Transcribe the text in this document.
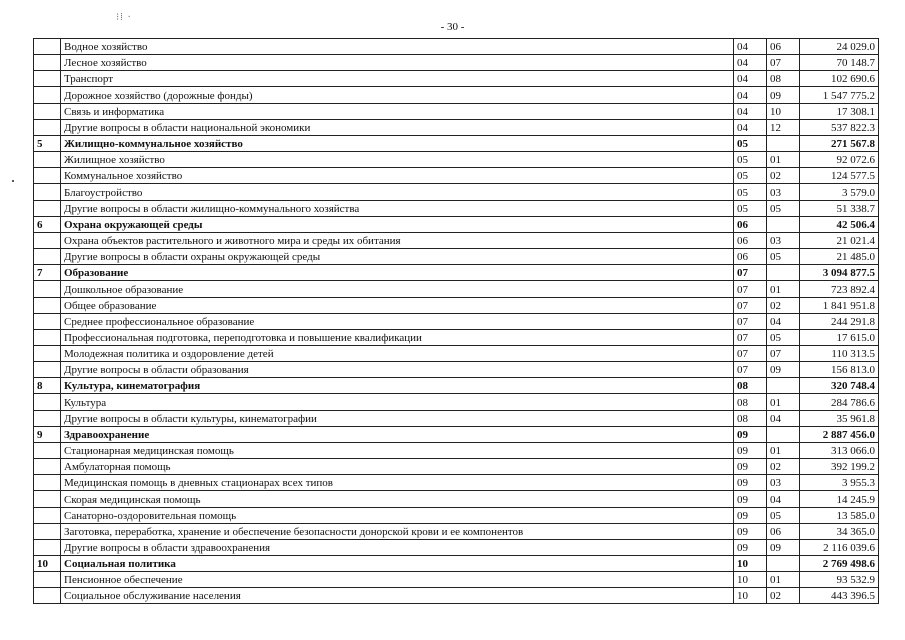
⁝⁞ ·
- 30 -
	Водное хозяйство	04	06	24 029.0
	Лесное хозяйство	04	07	70 148.7
	Транспорт	04	08	102 690.6
	Дорожное хозяйство (дорожные фонды)	04	09	1 547 775.2
	Связь и информатика	04	10	17 308.1
	Другие вопросы в области национальной экономики	04	12	537 822.3
5	Жилищно-коммунальное хозяйство	05		271 567.8
	Жилищное хозяйство	05	01	92 072.6
	Коммунальное хозяйство	05	02	124 577.5
	Благоустройство	05	03	3 579.0
	Другие вопросы в области жилищно-коммунального хозяйства	05	05	51 338.7
6	Охрана окружающей среды	06		42 506.4
	Охрана объектов растительного и животного мира и среды их обитания	06	03	21 021.4
	Другие вопросы в области охраны окружающей среды	06	05	21 485.0
7	Образование	07		3 094 877.5
	Дошкольное образование	07	01	723 892.4
	Общее образование	07	02	1 841 951.8
	Среднее профессиональное образование	07	04	244 291.8
	Профессиональная подготовка, переподготовка и повышение квалификации	07	05	17 615.0
	Молодежная политика и оздоровление детей	07	07	110 313.5
	Другие вопросы в области образования	07	09	156 813.0
8	Культура, кинематография	08		320 748.4
	Культура	08	01	284 786.6
	Другие вопросы в области культуры, кинематографии	08	04	35 961.8
9	Здравоохранение	09		2 887 456.0
	Стационарная медицинская помощь	09	01	313 066.0
	Амбулаторная помощь	09	02	392 199.2
	Медицинская помощь в дневных стационарах всех типов	09	03	3 955.3
	Скорая медицинская помощь	09	04	14 245.9
	Санаторно-оздоровительная помощь	09	05	13 585.0
	Заготовка, переработка, хранение и обеспечение безопасности донорской крови и ее компонентов	09	06	34 365.0
	Другие вопросы в области здравоохранения	09	09	2 116 039.6
10	Социальная политика	10		2 769 498.6
	Пенсионное обеспечение	10	01	93 532.9
	Социальное обслуживание населения	10	02	443 396.5
